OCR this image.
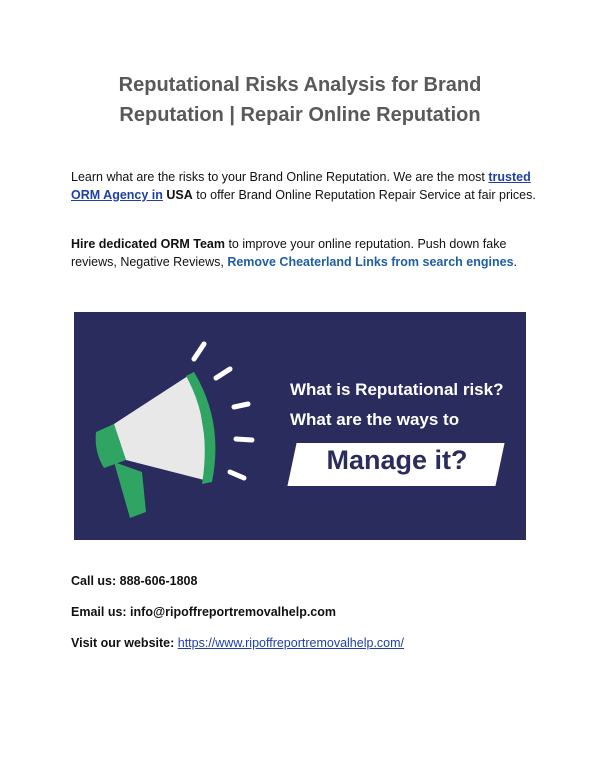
Reputational Risks Analysis for Brand
Reputation | Repair Online Reputation
Learn what are the risks to your Brand Online Reputation. We are the most trusted ORM Agency in USA to offer Brand Online Reputation Repair Service at fair prices.
Hire dedicated ORM Team to improve your online reputation. Push down fake reviews, Negative Reviews, Remove Cheaterland Links from search engines.
What is Reputational risk?
What are the ways to
Manage it?
Call us: 888-606-1808
Email us: info@ripoffreportremovalhelp.com
Visit our website: https://www.ripoffreportremovalhelp.com/
